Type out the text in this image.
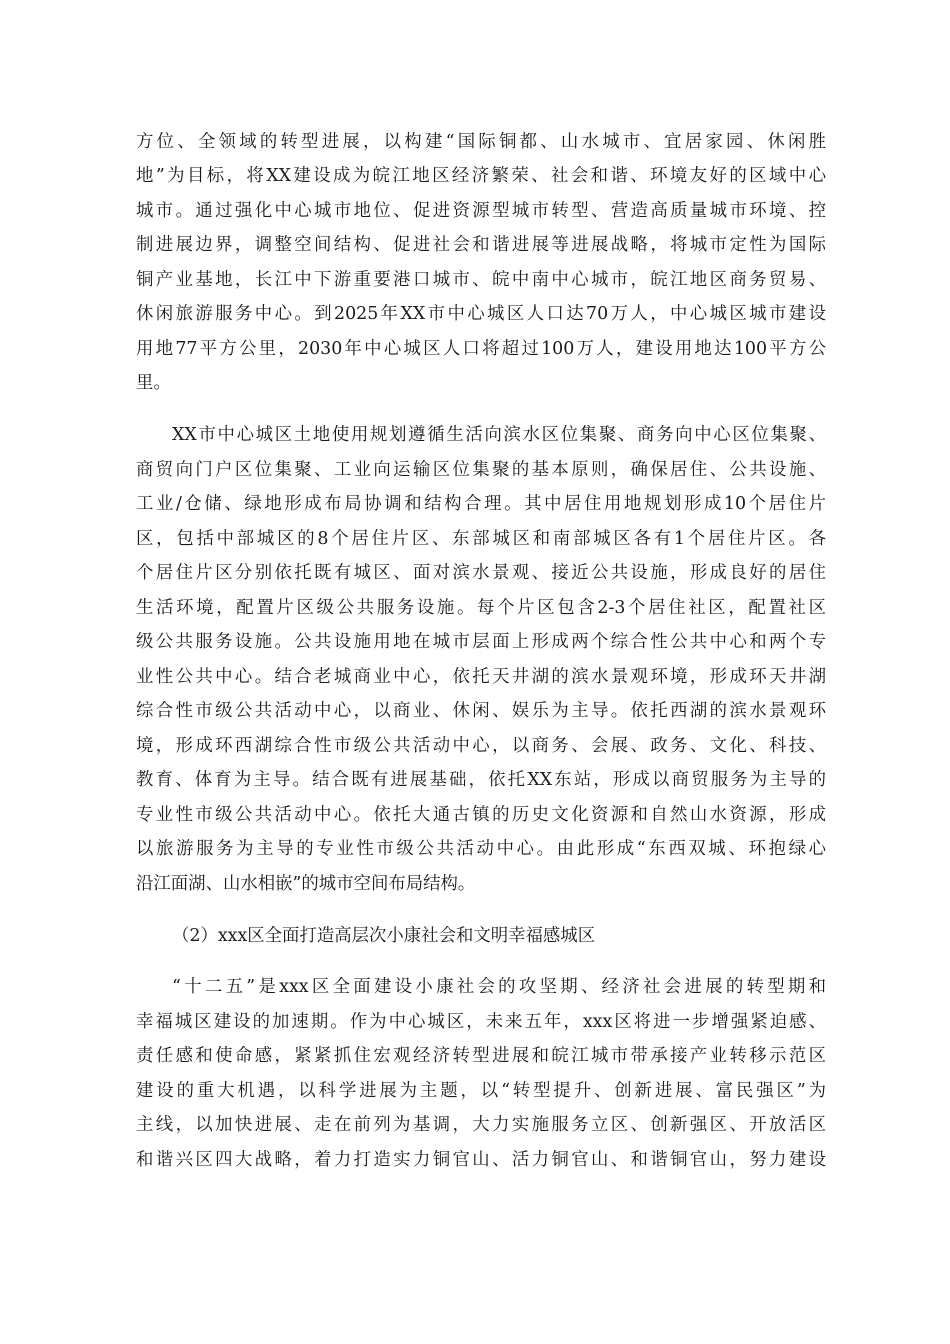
方位、全领域的转型进展，以构建“国际铜都、山水城市、宜居家园、休闲胜
地”为目标，将XX建设成为皖江地区经济繁荣、社会和谐、环境友好的区域中心
城市。通过强化中心城市地位、促进资源型城市转型、营造高质量城市环境、控
制进展边界，调整空间结构、促进社会和谐进展等进展战略，将城市定性为国际
铜产业基地，长江中下游重要港口城市、皖中南中心城市，皖江地区商务贸易、
休闲旅游服务中心。到2025年XX市中心城区人口达70万人，中心城区城市建设
用地77平方公里，2030年中心城区人口将超过100万人，建设用地达100平方公
里。
XX市中心城区土地使用规划遵循生活向滨水区位集聚、商务向中心区位集聚、
商贸向门户区位集聚、工业向运输区位集聚的基本原则，确保居住、公共设施、
工业/仓储、绿地形成布局协调和结构合理。其中居住用地规划形成10个居住片
区，包括中部城区的8个居住片区、东部城区和南部城区各有1个居住片区。各
个居住片区分别依托既有城区、面对滨水景观、接近公共设施，形成良好的居住
生活环境，配置片区级公共服务设施。每个片区包含2-3个居住社区，配置社区
级公共服务设施。公共设施用地在城市层面上形成两个综合性公共中心和两个专
业性公共中心。结合老城商业中心，依托天井湖的滨水景观环境，形成环天井湖
综合性市级公共活动中心，以商业、休闲、娱乐为主导。依托西湖的滨水景观环
境，形成环西湖综合性市级公共活动中心，以商务、会展、政务、文化、科技、
教育、体育为主导。结合既有进展基础，依托XX东站，形成以商贸服务为主导的
专业性市级公共活动中心。依托大通古镇的历史文化资源和自然山水资源，形成
以旅游服务为主导的专业性市级公共活动中心。由此形成“东西双城、环抱绿心
沿江面湖、山水相嵌”的城市空间布局结构。
（2）xxx区全面打造高层次小康社会和文明幸福感城区
“十二五”是xxx区全面建设小康社会的攻坚期、经济社会进展的转型期和
幸福城区建设的加速期。作为中心城区，未来五年，xxx区将进一步增强紧迫感、
责任感和使命感，紧紧抓住宏观经济转型进展和皖江城市带承接产业转移示范区
建设的重大机遇，以科学进展为主题，以“转型提升、创新进展、富民强区”为
主线，以加快进展、走在前列为基调，大力实施服务立区、创新强区、开放活区
和谐兴区四大战略，着力打造实力铜官山、活力铜官山、和谐铜官山，努力建设
